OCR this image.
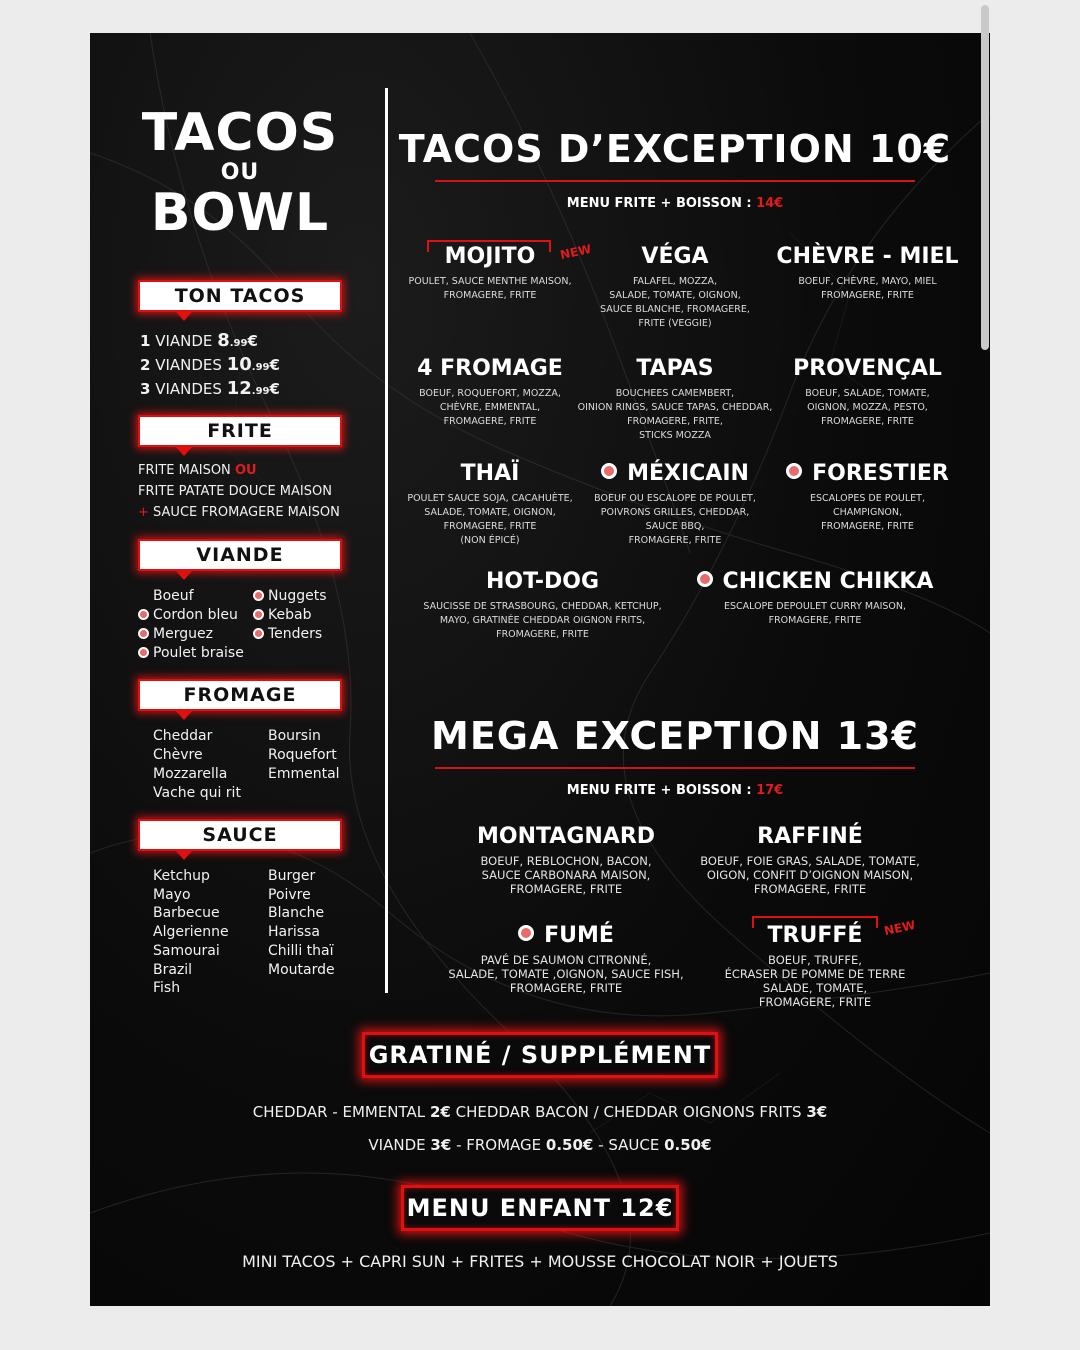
TACOS
OU
BOWL
TON TACOS
1 VIANDE 8.99€
2 VIANDES 10.99€
3 VIANDES 12.99€
FRITE
FRITE MAISON OU
FRITE PATATE DOUCE MAISON
+ SAUCE FROMAGERE MAISON
VIANDE
Boeuf
Cordon bleu
Merguez
Poulet braise
Nuggets
Kebab
Tenders
FROMAGE
Cheddar
Chèvre
Mozzarella
Vache qui rit
Boursin
Roquefort
Emmental
SAUCE
Ketchup
Mayo
Barbecue
Algerienne
Samourai
Brazil
Fish
Burger
Poivre
Blanche
Harissa
Chilli thaï
Moutarde
TACOS D’EXCEPTION 10€
MENU FRITE + BOISSON : 14€
NEW
MOJITO
POULET, SAUCE MENTHE MAISON,
FROMAGERE, FRITE
VÉGA
FALAFEL, MOZZA,
SALADE, TOMATE, OIGNON,
SAUCE BLANCHE, FROMAGERE,
FRITE (VEGGIE)
CHÈVRE - MIEL
BOEUF, CHÈVRE, MAYO, MIEL
FROMAGERE, FRITE
4 FROMAGE
BOEUF, ROQUEFORT, MOZZA,
CHÈVRE, EMMENTAL,
FROMAGERE, FRITE
TAPAS
BOUCHEES CAMEMBERT,
OINION RINGS, SAUCE TAPAS, CHEDDAR,
FROMAGERE, FRITE,
STICKS MOZZA
PROVENÇAL
BOEUF, SALADE, TOMATE,
OIGNON, MOZZA, PESTO,
FROMAGERE, FRITE
THAÏ
POULET SAUCE SOJA, CACAHUÈTE,
SALADE, TOMATE, OIGNON,
FROMAGERE, FRITE
(NON ÉPICÉ)
MÉXICAIN
BOEUF OU ESCALOPE DE POULET,
POIVRONS GRILLES, CHEDDAR,
SAUCE BBQ,
FROMAGERE, FRITE
FORESTIER
ESCALOPES DE POULET,
CHAMPIGNON,
FROMAGERE, FRITE
HOT-DOG
SAUCISSE DE STRASBOURG, CHEDDAR, KETCHUP,
MAYO, GRATINÉE CHEDDAR OIGNON FRITS,
FROMAGERE, FRITE
CHICKEN CHIKKA
ESCALOPE DEPOULET CURRY MAISON,
FROMAGERE, FRITE
MEGA EXCEPTION 13€
MENU FRITE + BOISSON : 17€
MONTAGNARD
BOEUF, REBLOCHON, BACON,
SAUCE CARBONARA MAISON,
FROMAGERE, FRITE
RAFFINÉ
BOEUF, FOIE GRAS, SALADE, TOMATE,
OIGON, CONFIT D’OIGNON MAISON,
FROMAGERE, FRITE
FUMÉ
PAVÉ DE SAUMON CITRONNÉ,
SALADE, TOMATE ,OIGNON, SAUCE FISH,
FROMAGERE, FRITE
NEW
TRUFFÉ
BOEUF, TRUFFE,
ÉCRASER DE POMME DE TERRE
SALADE, TOMATE,
FROMAGERE, FRITE
GRATINÉ / SUPPLÉMENT
CHEDDAR - EMMENTAL 2€ CHEDDAR BACON / CHEDDAR OIGNONS FRITS 3€
VIANDE 3€ - FROMAGE 0.50€ - SAUCE 0.50€
MENU ENFANT 12€
MINI TACOS + CAPRI SUN + FRITES + MOUSSE CHOCOLAT NOIR + JOUETS
